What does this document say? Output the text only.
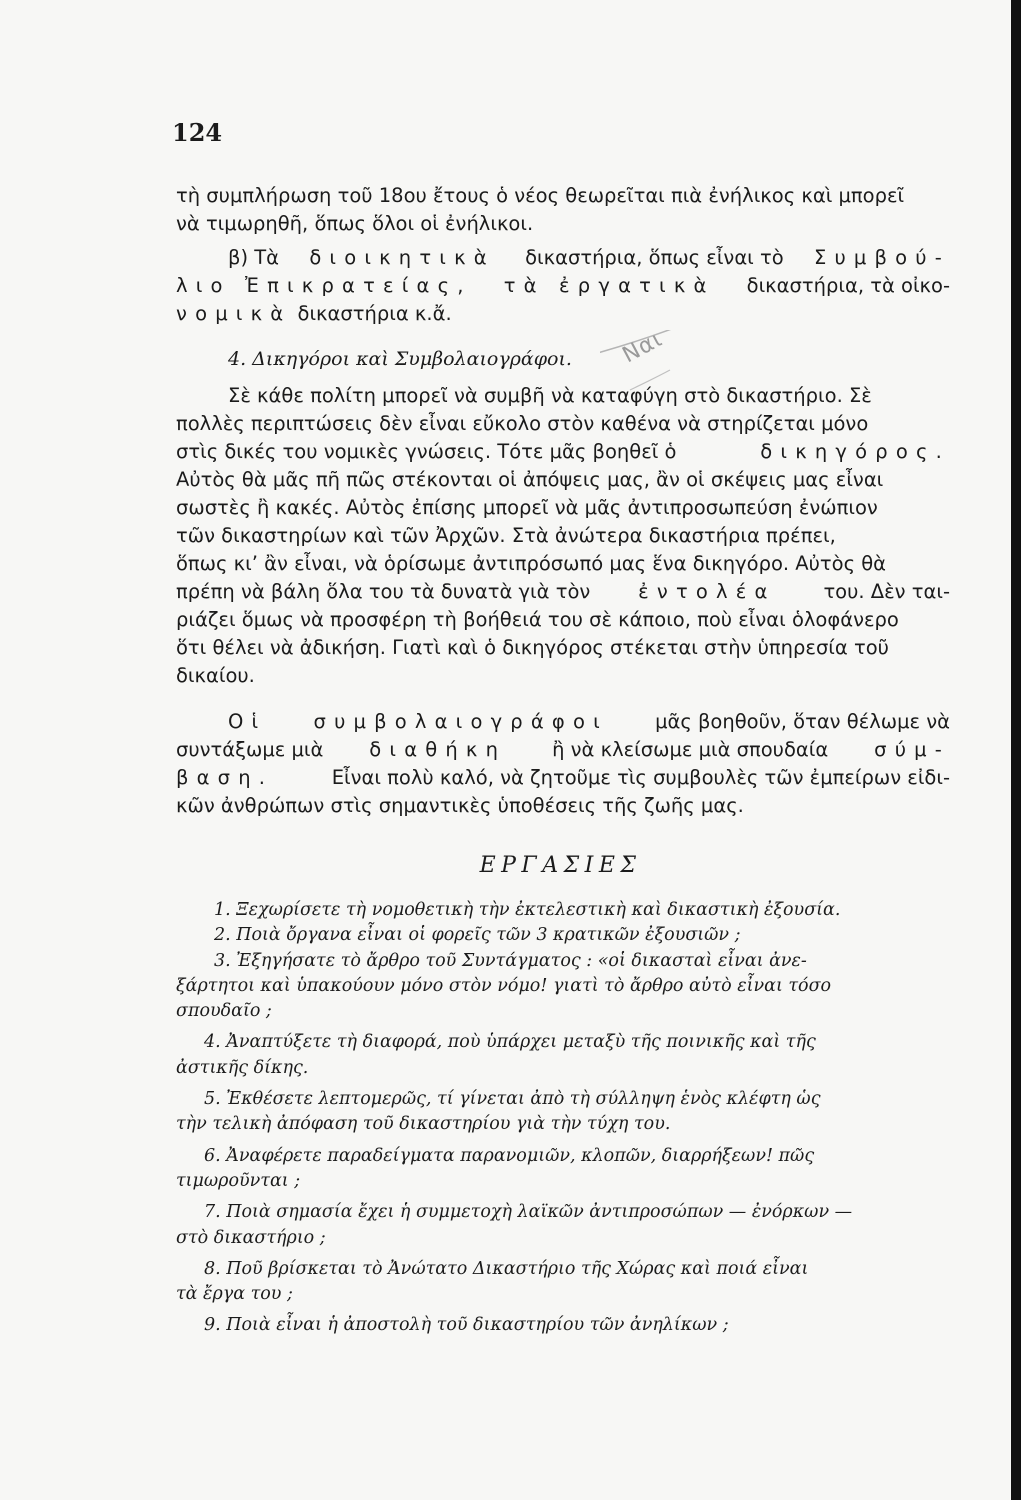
124
τὴ συμπλήρωση τοῦ 18ου ἔτους ὁ νέος θεωρεῖται πιὰ ἐνήλικος καὶ μπορεῖ
νὰ τιμωρηθῆ, ὅπως ὅλοι οἱ ἐνήλικοι.
β) Τὰ διοικητικὰ δικαστήρια, ὅπως εἶναι τὸ Συμβού-
λιο Ἐπικρατείας, τὰ ἐργατικὰ δικαστήρια, τὰ οἰκο-
νομικὰ δικαστήρια κ.ἄ.
4. Δικηγόροι καὶ Συμβολαιογράφοι.	Ναι
Σὲ κάθε πολίτη μπορεῖ νὰ συμβῆ νὰ καταφύγη στὸ δικαστήριο. Σὲ
πολλὲς περιπτώσεις δὲν εἶναι εὔκολο στὸν καθένα νὰ στηρίζεται μόνο
στὶς δικές του νομικὲς γνώσεις. Τότε μᾶς βοηθεῖ ὁ	δικηγόρος.
Αὐτὸς θὰ μᾶς πῆ πῶς στέκονται οἱ ἀπόψεις μας, ἂν οἱ σκέψεις μας εἶναι
σωστὲς ἢ κακές. Αὐτὸς ἐπίσης μπορεῖ νὰ μᾶς ἀντιπροσωπεύση ἐνώπιον
τῶν δικαστηρίων καὶ τῶν Ἀρχῶν. Στὰ ἀνώτερα δικαστήρια πρέπει,
ὅπως κι’ ἂν εἶναι, νὰ ὁρίσωμε ἀντιπρόσωπό μας ἕνα δικηγόρο. Αὐτὸς θὰ
πρέπη νὰ βάλη ὅλα του τὰ δυνατὰ γιὰ τὸν ἐντολέα του. Δὲν ται-
ριάζει ὅμως νὰ προσφέρη τὴ βοήθειά του σὲ κάποιο, ποὺ εἶναι ὁλοφάνερο
ὅτι θέλει νὰ ἀδικήση. Γιατὶ καὶ ὁ δικηγόρος στέκεται στὴν ὑπηρεσία τοῦ
δικαίου.
Οἱ συμβολαιογράφοι μᾶς βοηθοῦν, ὅταν θέλωμε νὰ
συντάξωμε μιὰ διαθήκη ἢ νὰ κλείσωμε μιὰ σπουδαία σύμ-
βαση.	Εἶναι πολὺ καλό, νὰ ζητοῦμε τὶς συμβουλὲς τῶν ἐμπείρων εἰδι-
κῶν ἀνθρώπων στὶς σημαντικὲς ὑποθέσεις τῆς ζωῆς μας.
ΕΡΓΑΣΙΕΣ
1. Ξεχωρίσετε τὴ νομοθετικὴ τὴν ἐκτελεστικὴ καὶ δικαστικὴ ἐξουσία.
2. Ποιὰ ὄργανα εἶναι οἱ φορεῖς τῶν 3 κρατικῶν ἐξουσιῶν ;
3. Ἐξηγήσατε τὸ ἄρθρο τοῦ Συντάγματος : «οἱ δικασταὶ εἶναι ἀνε-
ξάρτητοι καὶ ὑπακούουν μόνο στὸν νόμο! γιατὶ τὸ ἄρθρο αὐτὸ εἶναι τόσο
σπουδαῖο ;
4. Ἀναπτύξετε τὴ διαφορά, ποὺ ὑπάρχει μεταξὺ τῆς ποινικῆς καὶ τῆς
ἀστικῆς δίκης.
5. Ἐκθέσετε λεπτομερῶς, τί γίνεται ἀπὸ τὴ σύλληψη ἑνὸς κλέφτη ὡς
τὴν τελικὴ ἀπόφαση τοῦ δικαστηρίου γιὰ τὴν τύχη του.
6. Ἀναφέρετε παραδείγματα παρανομιῶν, κλοπῶν, διαρρήξεων! πῶς
τιμωροῦνται ;
7. Ποιὰ σημασία ἔχει ἡ συμμετοχὴ λαϊκῶν ἀντιπροσώπων — ἐνόρκων —
στὸ δικαστήριο ;
8. Ποῦ βρίσκεται τὸ Ἀνώτατο Δικαστήριο τῆς Χώρας καὶ ποιά εἶναι
τὰ ἔργα του ;
9. Ποιὰ εἶναι ἡ ἀποστολὴ τοῦ δικαστηρίου τῶν ἀνηλίκων ;
